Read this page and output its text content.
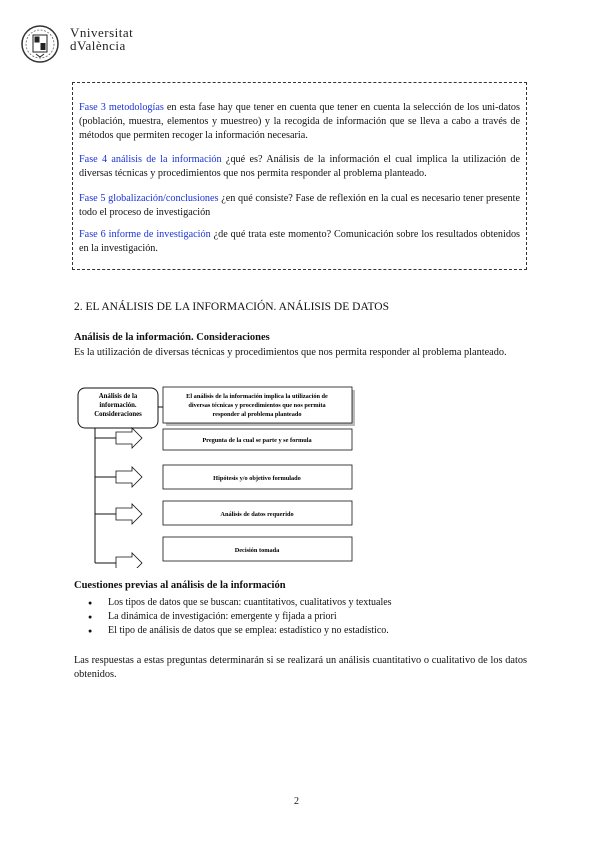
Vniversitat
dValència

Fase 3 metodologías en esta fase hay que tener en cuenta que tener en cuenta la selección de los uni-datos (población, muestra, elementos y muestreo) y la recogida de información que se lleva a cabo a través de métodos que permiten recoger la información necesaria.

Fase 4 análisis de la información ¿qué es? Análisis de la información el cual implica la utilización de diversas técnicas y procedimientos que nos permita responder al problema planteado.

Fase 5 globalización/conclusiones ¿en qué consiste? Fase de reflexión en la cual es necesario tener presente todo el proceso de investigación

Fase 6 informe de investigación ¿de qué trata este momento? Comunicación sobre los resultados obtenidos en la investigación.

2. EL ANÁLISIS DE LA INFORMACIÓN. ANÁLISIS DE DATOS
Análisis de la información. Consideraciones
Es la utilización de diversas técnicas y procedimientos que nos permita responder al problema planteado.
Análisis de la
información.
Consideraciones
El análisis de la información implica la utilización de
diversas técnicas y procedimientos que nos permita
responder al problema planteado
Pregunta de la cual se parte y se formula
Hipótesis y/o objetivo formulado
Análisis de datos requerido
Decisión tomada
Cuestiones previas al análisis de la información
● Los tipos de datos que se buscan: cuantitativos, cualitativos y textuales
● La dinámica de investigación: emergente y fijada a priori
● El tipo de análisis de datos que se emplea: estadístico y no estadístico.
Las respuestas a estas preguntas determinarán si se realizará un análisis cuantitativo o cualitativo de los datos obtenidos.
2
